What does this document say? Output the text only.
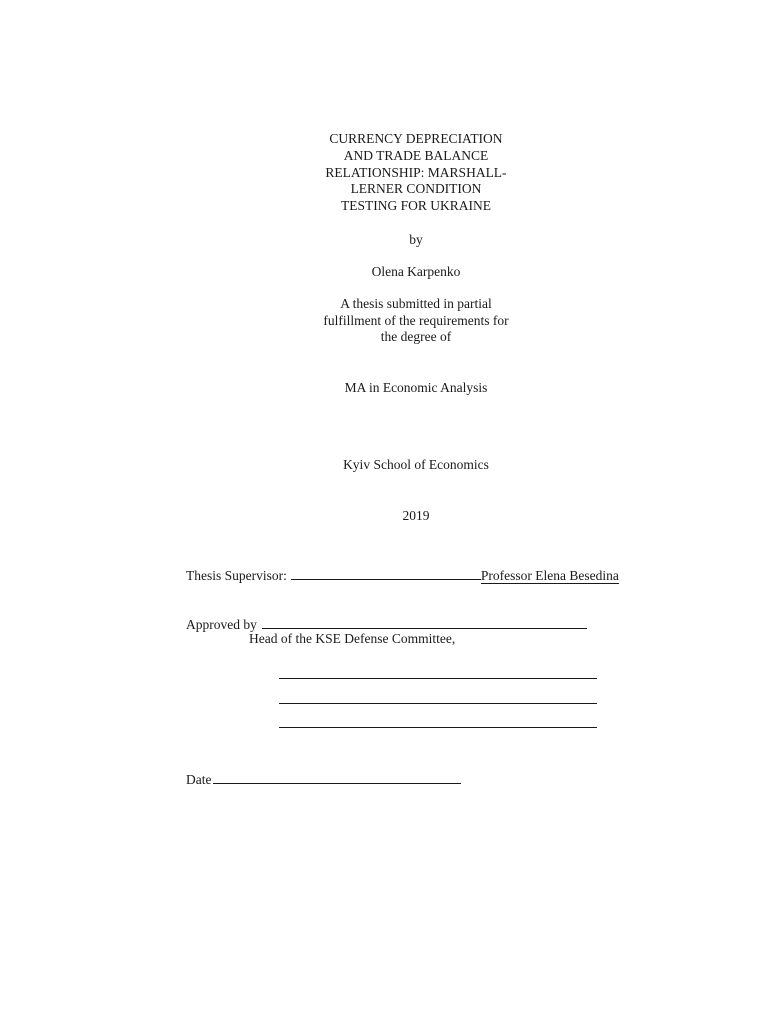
CURRENCY DEPRECIATION
AND TRADE BALANCE
RELATIONSHIP: MARSHALL-
LERNER CONDITION
TESTING FOR UKRAINE
by
Olena Karpenko
A thesis submitted in partial
fulfillment of the requirements for
the degree of
MA in Economic Analysis
Kyiv School of Economics
2019
Thesis Supervisor:	Professor Elena Besedina
Approved by
Head of the KSE Defense Committee,
Date
